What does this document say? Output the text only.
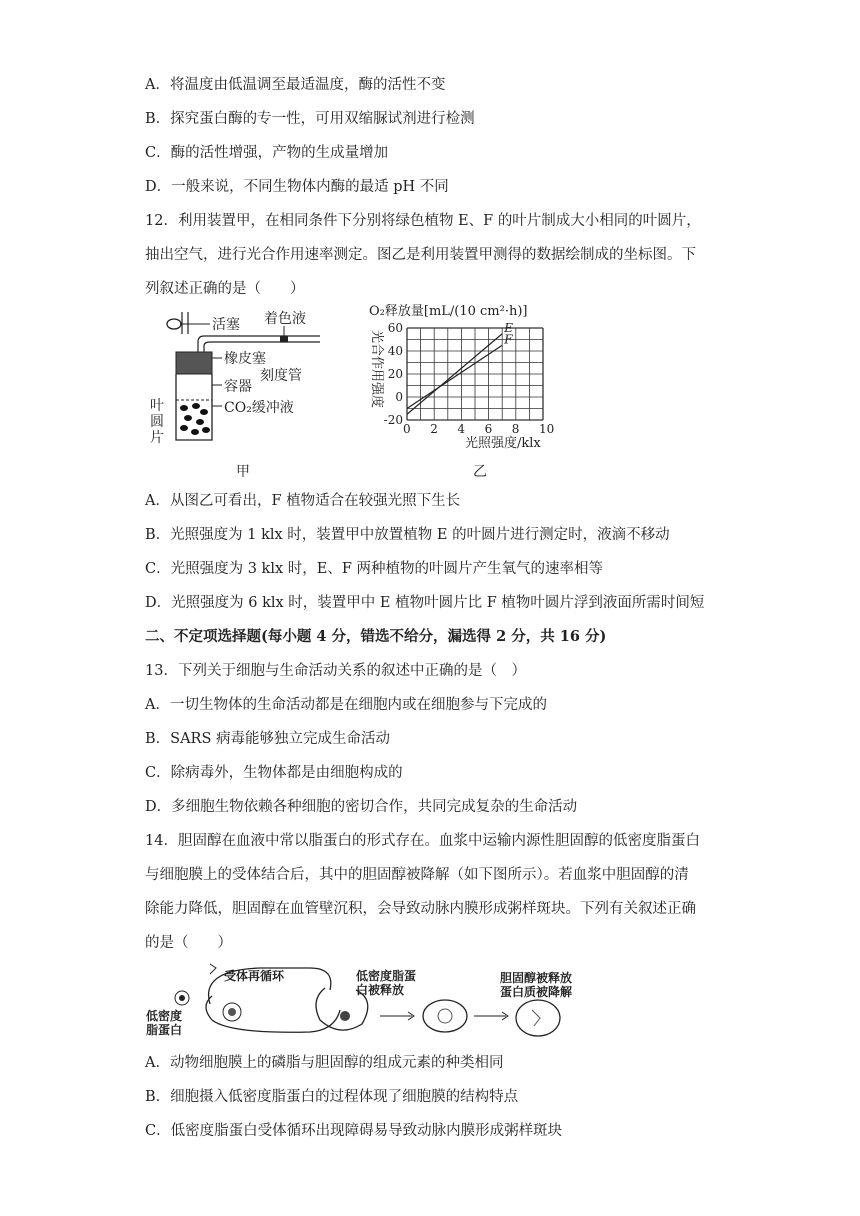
A．将温度由低温调至最适温度，酶的活性不变
B．探究蛋白酶的专一性，可用双缩脲试剂进行检测
C．酶的活性增强，产物的生成量增加
D．一般来说，不同生物体内酶的最适 pH 不同
12．利用装置甲，在相同条件下分别将绿色植物 E、F 的叶片制成大小相同的叶圆片，
抽出空气，进行光合作用速率测定。图乙是利用装置甲测得的数据绘制成的坐标图。下
列叙述正确的是（　　）
活塞 着色液
橡皮塞
刻度管
容器
CO₂缓冲液
叶
圆
片
甲
O₂释放量[mL/(10 cm²·h)]
光合作用强度
0 2 4 6 8 10
60
40
20
0
-20
E
F
光照强度/klx
乙
A．从图乙可看出，F 植物适合在较强光照下生长
B．光照强度为 1 klx 时，装置甲中放置植物 E 的叶圆片进行测定时，液滴不移动
C．光照强度为 3 klx 时，E、F 两种植物的叶圆片产生氧气的速率相等
D．光照强度为 6 klx 时，装置甲中 E 植物叶圆片比 F 植物叶圆片浮到液面所需时间短
二、不定项选择题(每小题 4 分，错选不给分，漏选得 2 分，共 16 分)
13．下列关于细胞与生命活动关系的叙述中正确的是（　）
A．一切生物体的生命活动都是在细胞内或在细胞参与下完成的
B．SARS 病毒能够独立完成生命活动
C．除病毒外，生物体都是由细胞构成的
D．多细胞生物依赖各种细胞的密切合作，共同完成复杂的生命活动
14．胆固醇在血液中常以脂蛋白的形式存在。血浆中运输内源性胆固醇的低密度脂蛋白
与细胞膜上的受体结合后，其中的胆固醇被降解（如下图所示）。若血浆中胆固醇的清
除能力降低，胆固醇在血管壁沉积，会导致动脉内膜形成粥样斑块。下列有关叙述正确
的是（　　）
受体再循环
低密度
脂蛋白
低密度脂蛋
白被释放
胆固醇被释放
蛋白质被降解
A．动物细胞膜上的磷脂与胆固醇的组成元素的种类相同
B．细胞摄入低密度脂蛋白的过程体现了细胞膜的结构特点
C．低密度脂蛋白受体循环出现障碍易导致动脉内膜形成粥样斑块
